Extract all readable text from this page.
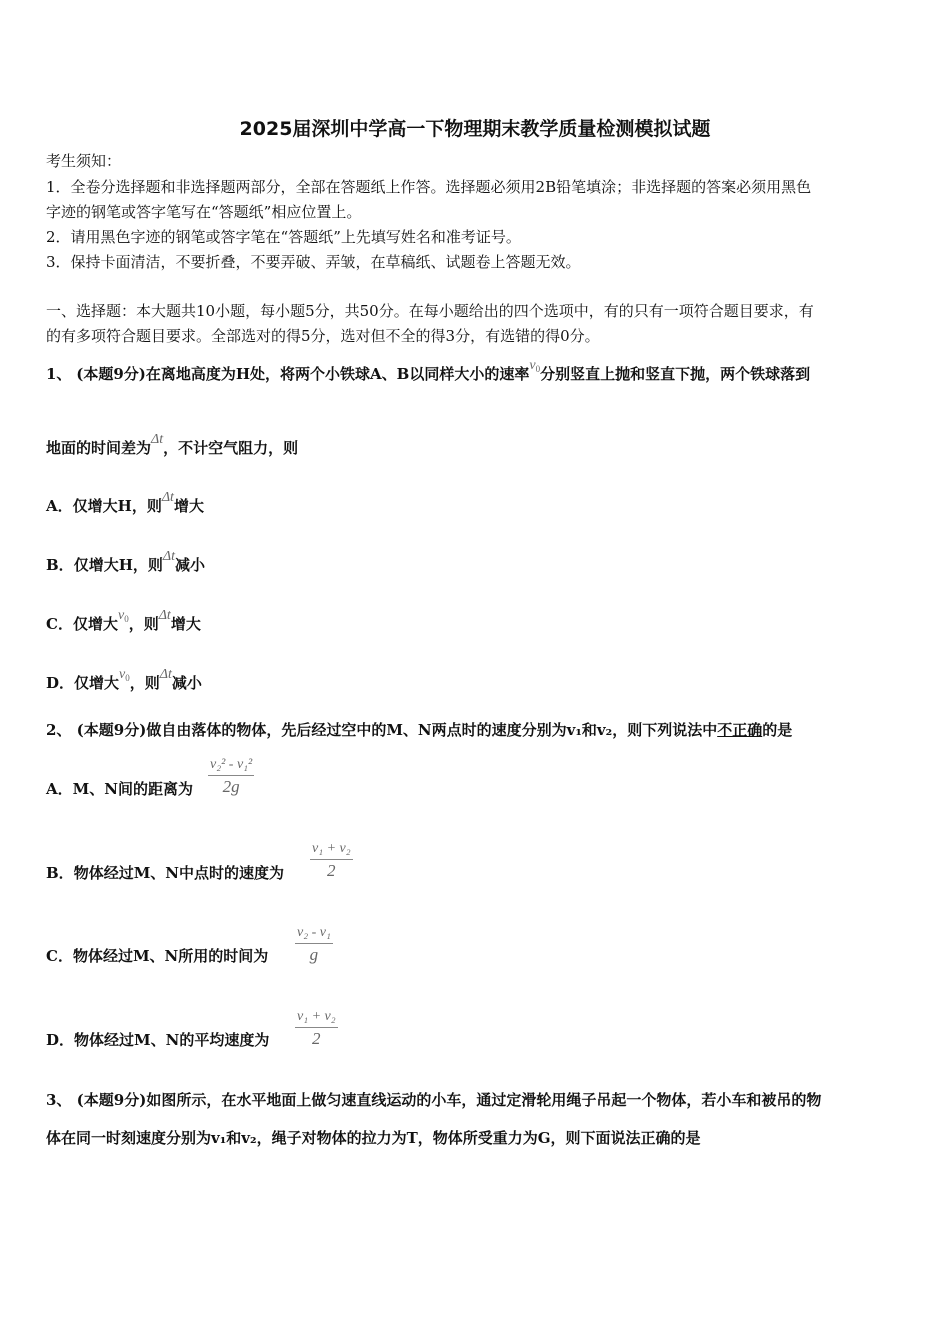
2025届深圳中学高一下物理期末教学质量检测模拟试题
考生须知：
1．全卷分选择题和非选择题两部分，全部在答题纸上作答。选择题必须用2B铅笔填涂；非选择题的答案必须用黑色
字迹的钢笔或答字笔写在“答题纸”相应位置上。
2．请用黑色字迹的钢笔或答字笔在“答题纸”上先填写姓名和准考证号。
3．保持卡面清洁，不要折叠，不要弄破、弄皱，在草稿纸、试题卷上答题无效。
一、选择题：本大题共10小题，每小题5分，共50分。在每小题给出的四个选项中，有的只有一项符合题目要求，有
的有多项符合题目要求。全部选对的得5分，选对但不全的得3分，有选错的得0分。
1、 (本题9分)在离地高度为H处，将两个小铁球A、B以同样大小的速率$v_0$分别竖直上抛和竖直下抛，两个铁球落到
地面的时间差为Δt，不计空气阻力，则
A．仅增大H，则Δt增大
B．仅增大H，则Δt减小
C．仅增大$v_0$，则Δt增大
D．仅增大$v_0$，则Δt减小
2、 (本题9分)做自由落体的物体，先后经过空中的M、N两点时的速度分别为v₁和v₂，则下列说法中不正确的是
A．M、N间的距离为
v₂² - v₁²
2g
B．物体经过M、N中点时的速度为
v₁ + v₂
2
C．物体经过M、N所用的时间为
v₂ - v₁
g
D．物体经过M、N的平均速度为
v₁ + v₂
2
3、 (本题9分)如图所示，在水平地面上做匀速直线运动的小车，通过定滑轮用绳子吊起一个物体，若小车和被吊的物
体在同一时刻速度分别为v₁和v₂，绳子对物体的拉力为T，物体所受重力为G，则下面说法正确的是
